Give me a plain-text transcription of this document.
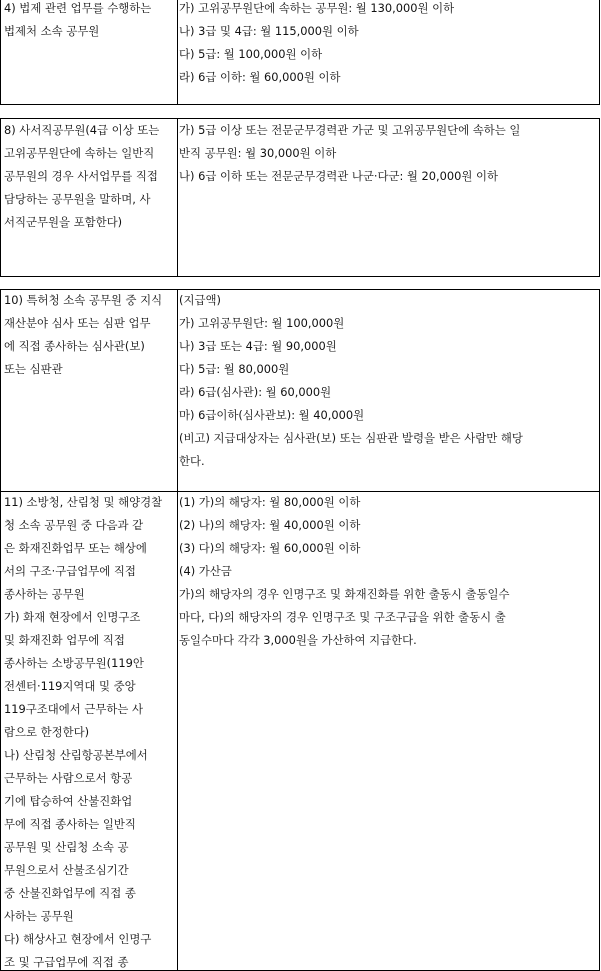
4) 법제 관련 업무를 수행하는
법제처 소속 공무원
가) 고위공무원단에 속하는 공무원: 월 130,000원 이하
나) 3급 및 4급: 월 115,000원 이하
다) 5급: 월 100,000원 이하
라) 6급 이하: 월 60,000원 이하
8) 사서직공무원(4급 이상 또는
고위공무원단에 속하는 일반직
공무원의 경우 사서업무를 직접
담당하는 공무원을 말하며, 사
서직군무원을 포함한다)
가) 5급 이상 또는 전문군무경력관 가군 및 고위공무원단에 속하는 일
반직 공무원: 월 30,000원 이하
나) 6급 이하 또는 전문군무경력관 나군·다군: 월 20,000원 이하
10) 특허청 소속 공무원 중 지식
재산분야 심사 또는 심판 업무
에 직접 종사하는 심사관(보)
또는 심판관
(지급액)
가) 고위공무원단: 월 100,000원
나) 3급 또는 4급: 월 90,000원
다) 5급: 월 80,000원
라) 6급(심사관): 월 60,000원
마) 6급이하(심사관보): 월 40,000원
(비고) 지급대상자는 심사관(보) 또는 심판관 발령을 받은 사람만 해당
한다.
11) 소방청, 산림청 및 해양경찰
청 소속 공무원 중 다음과 같
은 화재진화업무 또는 해상에
서의 구조·구급업무에 직접
종사하는 공무원
가) 화재 현장에서 인명구조
및 화재진화 업무에 직접
종사하는 소방공무원(119안
전센터·119지역대 및 중앙
119구조대에서 근무하는 사
람으로 한정한다)
나) 산림청 산림항공본부에서
근무하는 사람으로서 항공
기에 탑승하여 산불진화업
무에 직접 종사하는 일반직
공무원 및 산림청 소속 공
무원으로서 산불조심기간
중 산불진화업무에 직접 종
사하는 공무원
다) 해상사고 현장에서 인명구
조 및 구급업무에 직접 종
(1) 가)의 해당자: 월 80,000원 이하
(2) 나)의 해당자: 월 40,000원 이하
(3) 다)의 해당자: 월 60,000원 이하
(4) 가산금
가)의 해당자의 경우 인명구조 및 화재진화를 위한 출동시 출동일수
마다, 다)의 해당자의 경우 인명구조 및 구조구급을 위한 출동시 출
동일수마다 각각 3,000원을 가산하여 지급한다.
